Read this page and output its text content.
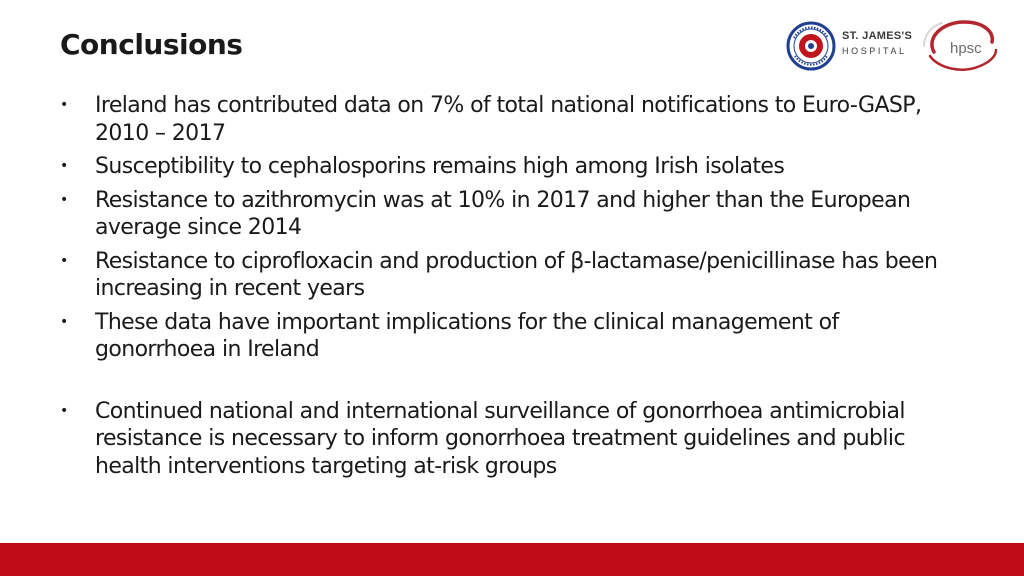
Conclusions	ST. JAMES'S
HOSPITAL	hpsc
• Ireland has contributed data on 7% of total national notifications to Euro-GASP, 2010 – 2017
• Susceptibility to cephalosporins remains high among Irish isolates
• Resistance to azithromycin was at 10% in 2017 and higher than the European average since 2014
• Resistance to ciprofloxacin and production of β-lactamase/penicillinase has been increasing in recent years
• These data have important implications for the clinical management of gonorrhoea in Ireland
• Continued national and international surveillance of gonorrhoea antimicrobial resistance is necessary to inform gonorrhoea treatment guidelines and public health interventions targeting at-risk groups
